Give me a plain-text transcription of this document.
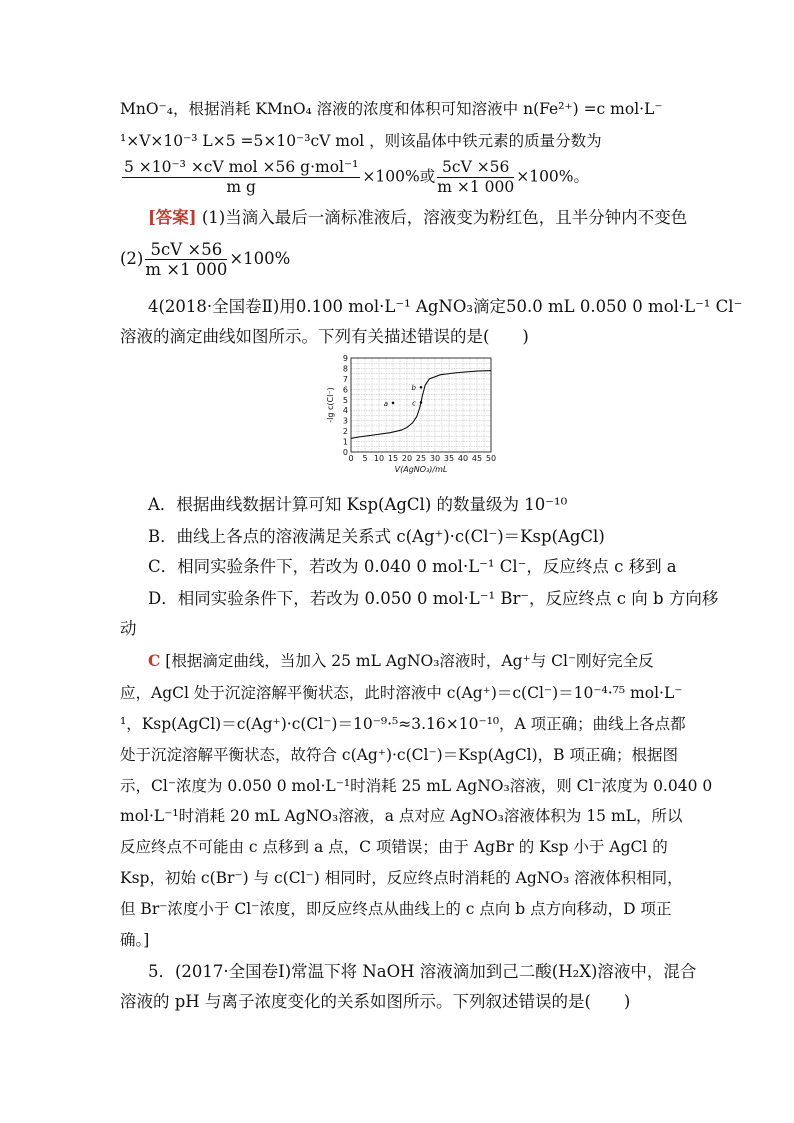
MnO⁻₄，根据消耗 KMnO₄ 溶液的浓度和体积可知溶液中 n(Fe²⁺) =c mol·L⁻
¹×V×10⁻³ L×5 =5×10⁻³cV mol ，则该晶体中铁元素的质量分数为
$\frac{\text{5 ×10⁻³ ×cV mol ×56 g·mol⁻¹}}{\text{m g}} \times 100\%$或 $\frac{5cV \times 56}{m \times 1 000} \times 100\%$。
[答案] (1)当滴入最后一滴标准液后，溶液变为粉红色，且半分钟内不变色
$(2) \frac{5cV \times 56}{m \times 1 000} \times 100\%$
4(2018·全国卷Ⅱ)用0.100 mol·L⁻¹ AgNO₃滴定50.0 mL 0.050 0 mol·L⁻¹ Cl⁻
溶液的滴定曲线如图所示。下列有关描述错误的是(　　)
0 5 10 15 20 25 30 35 40 45 50
0
1
2
3
4
5
6
7
8
9
V(AgNO₃)/mL
-lg c(Cl⁻)	a
b
c
A．根据曲线数据计算可知 Ksp(AgCl) 的数量级为 10⁻¹⁰
B．曲线上各点的溶液满足关系式 c(Ag⁺)·c(Cl⁻)＝Ksp(AgCl)
C．相同实验条件下，若改为 0.040 0 mol·L⁻¹ Cl⁻，反应终点 c 移到 a
D．相同实验条件下，若改为 0.050 0 mol·L⁻¹ Br⁻，反应终点 c 向 b 方向移
动
C [根据滴定曲线，当加入 25 mL AgNO₃溶液时，Ag⁺与 Cl⁻刚好完全反
应，AgCl 处于沉淀溶解平衡状态，此时溶液中 c(Ag⁺)＝c(Cl⁻)＝10⁻⁴·⁷⁵ mol·L⁻
¹，Ksp(AgCl)＝c(Ag⁺)·c(Cl⁻)＝10⁻⁹·⁵≈3.16×10⁻¹⁰，A 项正确；曲线上各点都
处于沉淀溶解平衡状态，故符合 c(Ag⁺)·c(Cl⁻)＝Ksp(AgCl)，B 项正确；根据图
示，Cl⁻浓度为 0.050 0 mol·L⁻¹时消耗 25 mL AgNO₃溶液，则 Cl⁻浓度为 0.040 0
mol·L⁻¹时消耗 20 mL AgNO₃溶液，a 点对应 AgNO₃溶液体积为 15 mL，所以
反应终点不可能由 c 点移到 a 点，C 项错误；由于 AgBr 的 Ksp 小于 AgCl 的
Ksp，初始 c(Br⁻) 与 c(Cl⁻) 相同时，反应终点时消耗的 AgNO₃ 溶液体积相同，
但 Br⁻浓度小于 Cl⁻浓度，即反应终点从曲线上的 c 点向 b 点方向移动，D 项正
确。]
5．(2017·全国卷Ⅰ)常温下将 NaOH 溶液滴加到己二酸(H₂X)溶液中，混合
溶液的 pH 与离子浓度变化的关系如图所示。下列叙述错误的是(　　)
